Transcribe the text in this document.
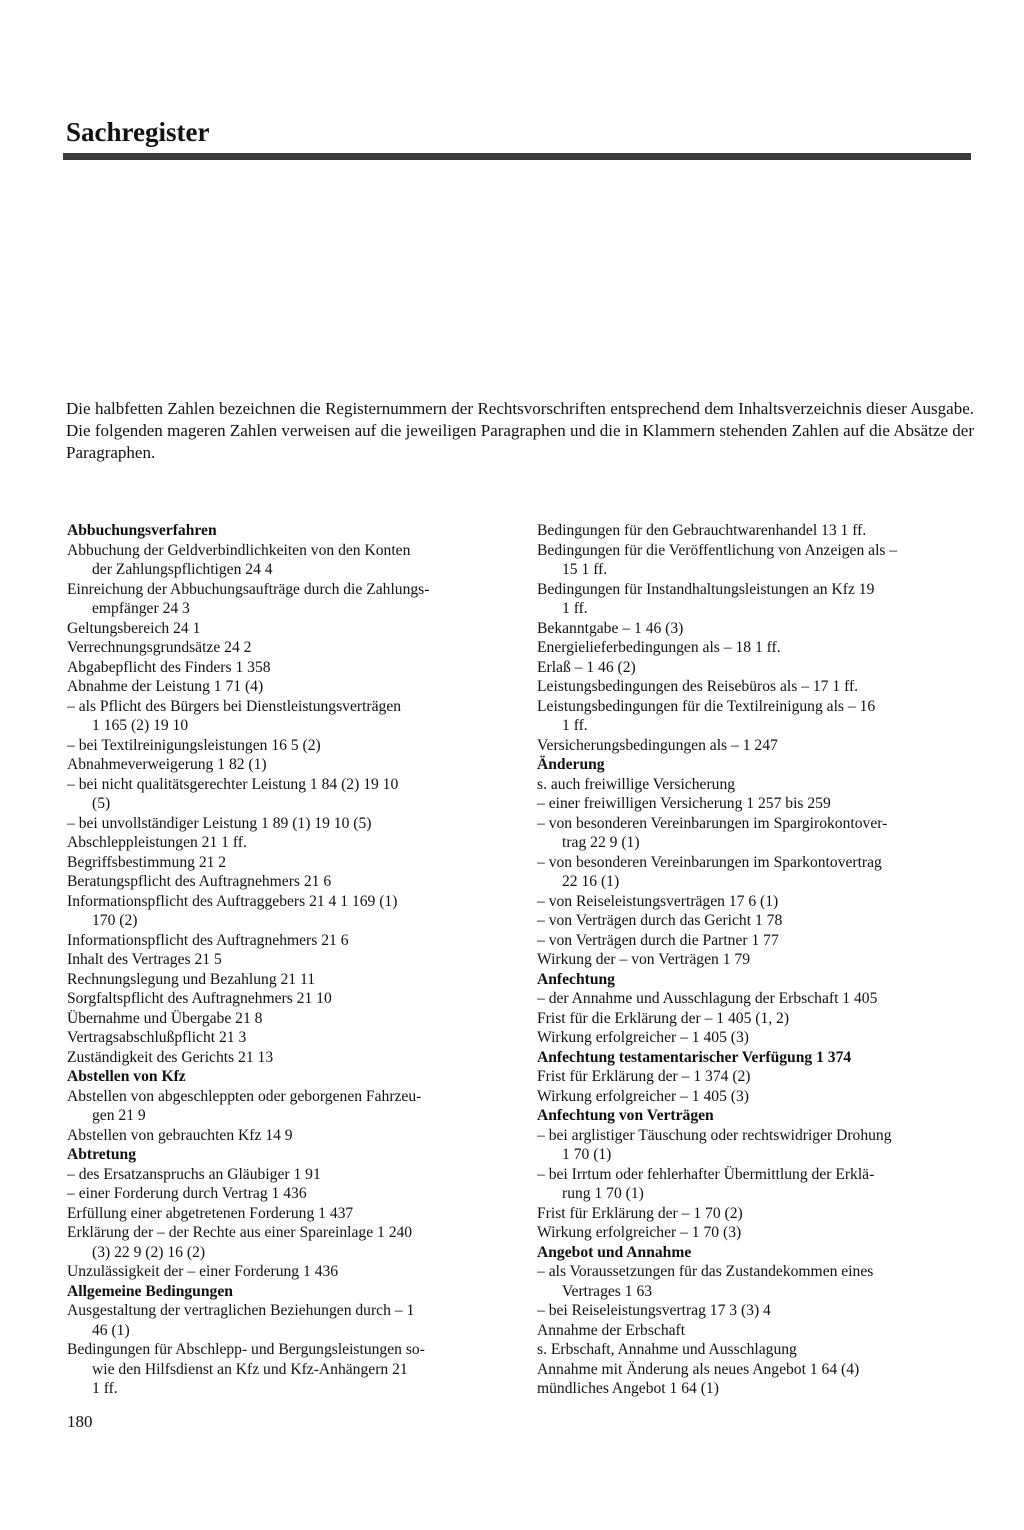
Sachregister

Die halbfetten Zahlen bezeichnen die Registernummern der Rechtsvorschriften entsprechend dem Inhaltsverzeichnis dieser Ausgabe. Die folgenden mageren Zahlen verweisen auf die jeweiligen Paragraphen und die in Klammern stehenden Zahlen auf die Absätze der Paragraphen.

Abbuchungsverfahren
Abbuchung der Geldverbindlichkeiten von den Konten
der Zahlungspflichtigen 24 4
Einreichung der Abbuchungsaufträge durch die Zahlungs-
empfänger 24 3
Geltungsbereich 24 1
Verrechnungsgrundsätze 24 2
Abgabepflicht des Finders 1 358
Abnahme der Leistung 1 71 (4)
– als Pflicht des Bürgers bei Dienstleistungsverträgen
1 165 (2) 19 10
– bei Textilreinigungsleistungen 16 5 (2)
Abnahmeverweigerung 1 82 (1)
– bei nicht qualitätsgerechter Leistung 1 84 (2) 19 10
(5)
– bei unvollständiger Leistung 1 89 (1) 19 10 (5)
Abschleppleistungen 21 1 ff.
Begriffsbestimmung 21 2
Beratungspflicht des Auftragnehmers 21 6
Informationspflicht des Auftraggebers 21 4 1 169 (1)
170 (2)
Informationspflicht des Auftragnehmers 21 6
Inhalt des Vertrages 21 5
Rechnungslegung und Bezahlung 21 11
Sorgfaltspflicht des Auftragnehmers 21 10
Übernahme und Übergabe 21 8
Vertragsabschlußpflicht 21 3
Zuständigkeit des Gerichts 21 13
Abstellen von Kfz
Abstellen von abgeschleppten oder geborgenen Fahrzeu-
gen 21 9
Abstellen von gebrauchten Kfz 14 9
Abtretung
– des Ersatzanspruchs an Gläubiger 1 91
– einer Forderung durch Vertrag 1 436
Erfüllung einer abgetretenen Forderung 1 437
Erklärung der – der Rechte aus einer Spareinlage 1 240
(3) 22 9 (2) 16 (2)
Unzulässigkeit der – einer Forderung 1 436
Allgemeine Bedingungen
Ausgestaltung der vertraglichen Beziehungen durch – 1
46 (1)
Bedingungen für Abschlepp- und Bergungsleistungen so-
wie den Hilfsdienst an Kfz und Kfz-Anhängern 21
1 ff.
Bedingungen für den Gebrauchtwarenhandel 13 1 ff.
Bedingungen für die Veröffentlichung von Anzeigen als –
15 1 ff.
Bedingungen für Instandhaltungsleistungen an Kfz 19
1 ff.
Bekanntgabe – 1 46 (3)
Energielieferbedingungen als – 18 1 ff.
Erlaß – 1 46 (2)
Leistungsbedingungen des Reisebüros als – 17 1 ff.
Leistungsbedingungen für die Textilreinigung als – 16
1 ff.
Versicherungsbedingungen als – 1 247
Änderung
s. auch freiwillige Versicherung
– einer freiwilligen Versicherung 1 257 bis 259
– von besonderen Vereinbarungen im Spargirokontover-
trag 22 9 (1)
– von besonderen Vereinbarungen im Sparkontovertrag
22 16 (1)
– von Reiseleistungsverträgen 17 6 (1)
– von Verträgen durch das Gericht 1 78
– von Verträgen durch die Partner 1 77
Wirkung der – von Verträgen 1 79
Anfechtung
– der Annahme und Ausschlagung der Erbschaft 1 405
Frist für die Erklärung der – 1 405 (1, 2)
Wirkung erfolgreicher – 1 405 (3)
Anfechtung testamentarischer Verfügung 1 374
Frist für Erklärung der – 1 374 (2)
Wirkung erfolgreicher – 1 405 (3)
Anfechtung von Verträgen
– bei arglistiger Täuschung oder rechtswidriger Drohung
1 70 (1)
– bei Irrtum oder fehlerhafter Übermittlung der Erklä-
rung 1 70 (1)
Frist für Erklärung der – 1 70 (2)
Wirkung erfolgreicher – 1 70 (3)
Angebot und Annahme
– als Voraussetzungen für das Zustandekommen eines
Vertrages 1 63
– bei Reiseleistungsvertrag 17 3 (3) 4
Annahme der Erbschaft
s. Erbschaft, Annahme und Ausschlagung
Annahme mit Änderung als neues Angebot 1 64 (4)
mündliches Angebot 1 64 (1)

180
